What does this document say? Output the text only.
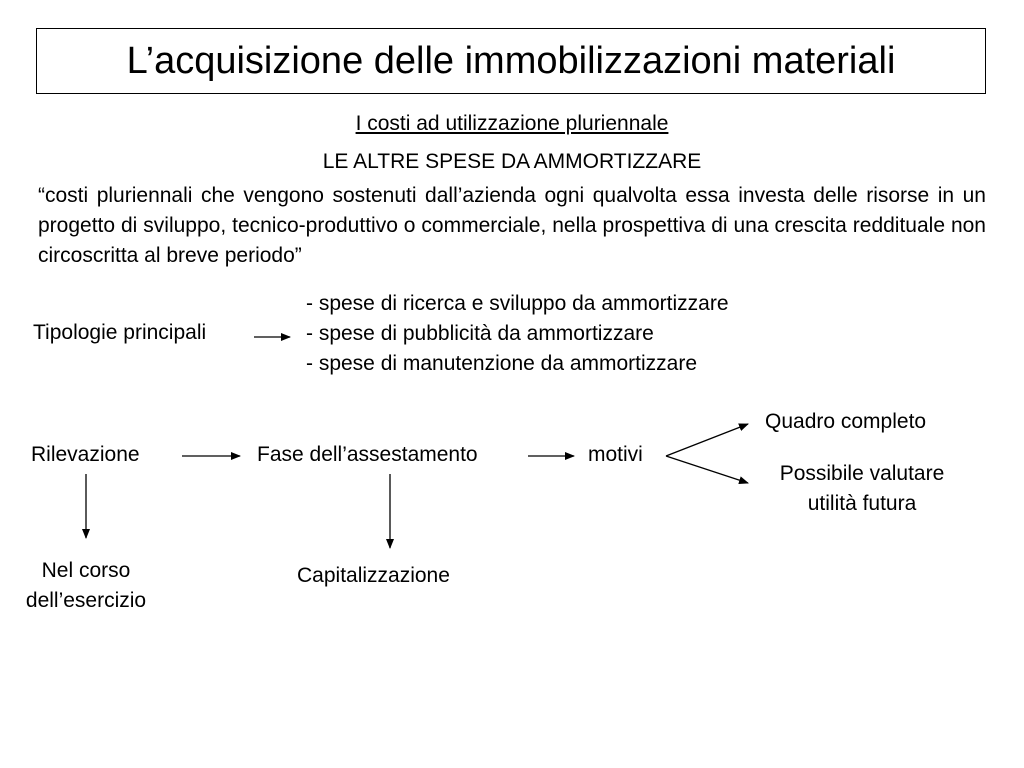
L’acquisizione delle immobilizzazioni materiali
I costi ad utilizzazione pluriennale
LE ALTRE SPESE DA AMMORTIZZARE
“costi pluriennali che vengono sostenuti dall’azienda ogni qualvolta essa investa delle risorse in un progetto di sviluppo, tecnico-produttivo o commerciale, nella prospettiva di una crescita reddituale non circoscritta al breve periodo”
Tipologie principali
- spese di ricerca e sviluppo da ammortizzare
- spese di pubblicità da ammortizzare
- spese di manutenzione da ammortizzare
Rilevazione	Fase dell’assestamento	motivi
Quadro completo
Possibile valutare
utilità futura
Nel corso
dell’esercizio
Capitalizzazione
